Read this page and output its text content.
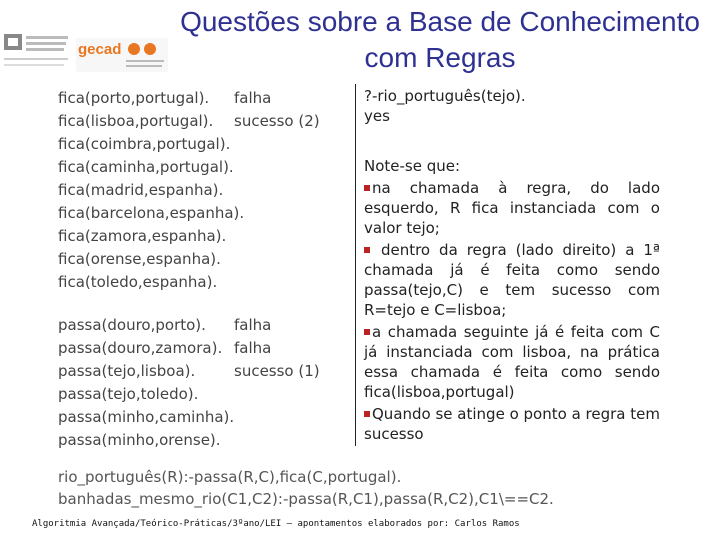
Questões sobre a Base de Conhecimento
com Regras
gecad
fica(porto,portugal).
fica(lisboa,portugal).
fica(coimbra,portugal).
fica(caminha,portugal).
fica(madrid,espanha).
fica(barcelona,espanha).
fica(zamora,espanha).
fica(orense,espanha).
fica(toledo,espanha).
falha
sucesso (2)
passa(douro,porto).
passa(douro,zamora).
passa(tejo,lisboa).
passa(tejo,toledo).
passa(minho,caminha).
passa(minho,orense).
falha
falha
sucesso (1)
?-rio_português(tejo).
yes
Note-se que:
na chamada à regra, do lado esquerdo, R fica instanciada com o valor tejo;
dentro da regra (lado direito) a 1ª chamada já é feita como sendo passa(tejo,C) e tem sucesso com R=tejo e C=lisboa;
a chamada seguinte já é feita com C já instanciada com lisboa, na prática essa chamada é feita como sendo fica(lisboa,portugal)
Quando se atinge o ponto a regra tem sucesso
rio_português(R):-passa(R,C),fica(C,portugal).
banhadas_mesmo_rio(C1,C2):-passa(R,C1),passa(R,C2),C1\==C2.
Algoritmia Avançada/Teórico-Práticas/3ºano/LEI – apontamentos elaborados por: Carlos Ramos
